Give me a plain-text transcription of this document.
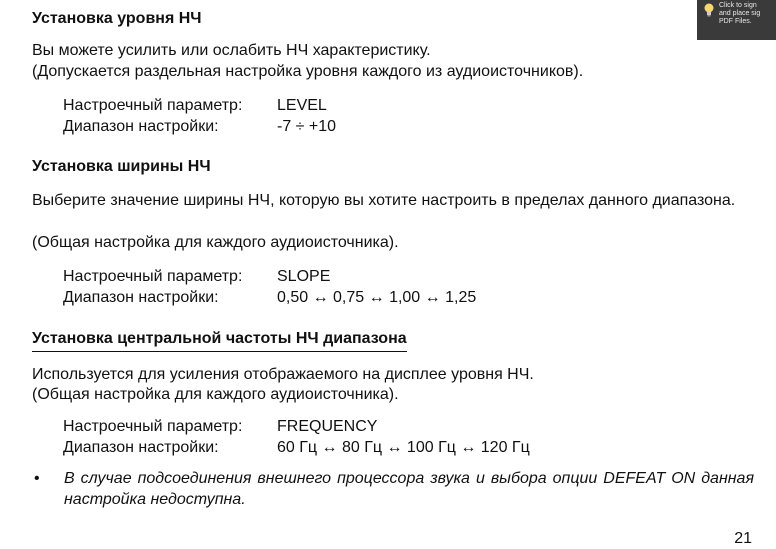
Установка уровня НЧ
Вы можете усилить или ослабить НЧ характеристику.
(Допускается раздельная настройка уровня каждого из аудиоисточников).
Настроечный параметр: LEVEL
Диапазон настройки:	-7 ÷ +10
Установка ширины НЧ
Выберите значение ширины НЧ, которую вы хотите настроить в пределах данного диапазона.
(Общая настройка для каждого аудиоисточника).
Настроечный параметр: SLOPE
Диапазон настройки:	0,50 ↔ 0,75 ↔ 1,00 ↔ 1,25
Установка центральной частоты НЧ диапазона
Используется для усиления отображаемого на дисплее уровня НЧ.
(Общая настройка для каждого аудиоисточника).
Настроечный параметр: FREQUENCY
Диапазон настройки:	60 Гц ↔ 80 Гц ↔ 100 Гц ↔ 120 Гц
• В случае подсоединения внешнего процессора звука и выбора опции DEFEAT ON данная настройка недоступна.
21
Click to sign
and place sig
PDF Files.
